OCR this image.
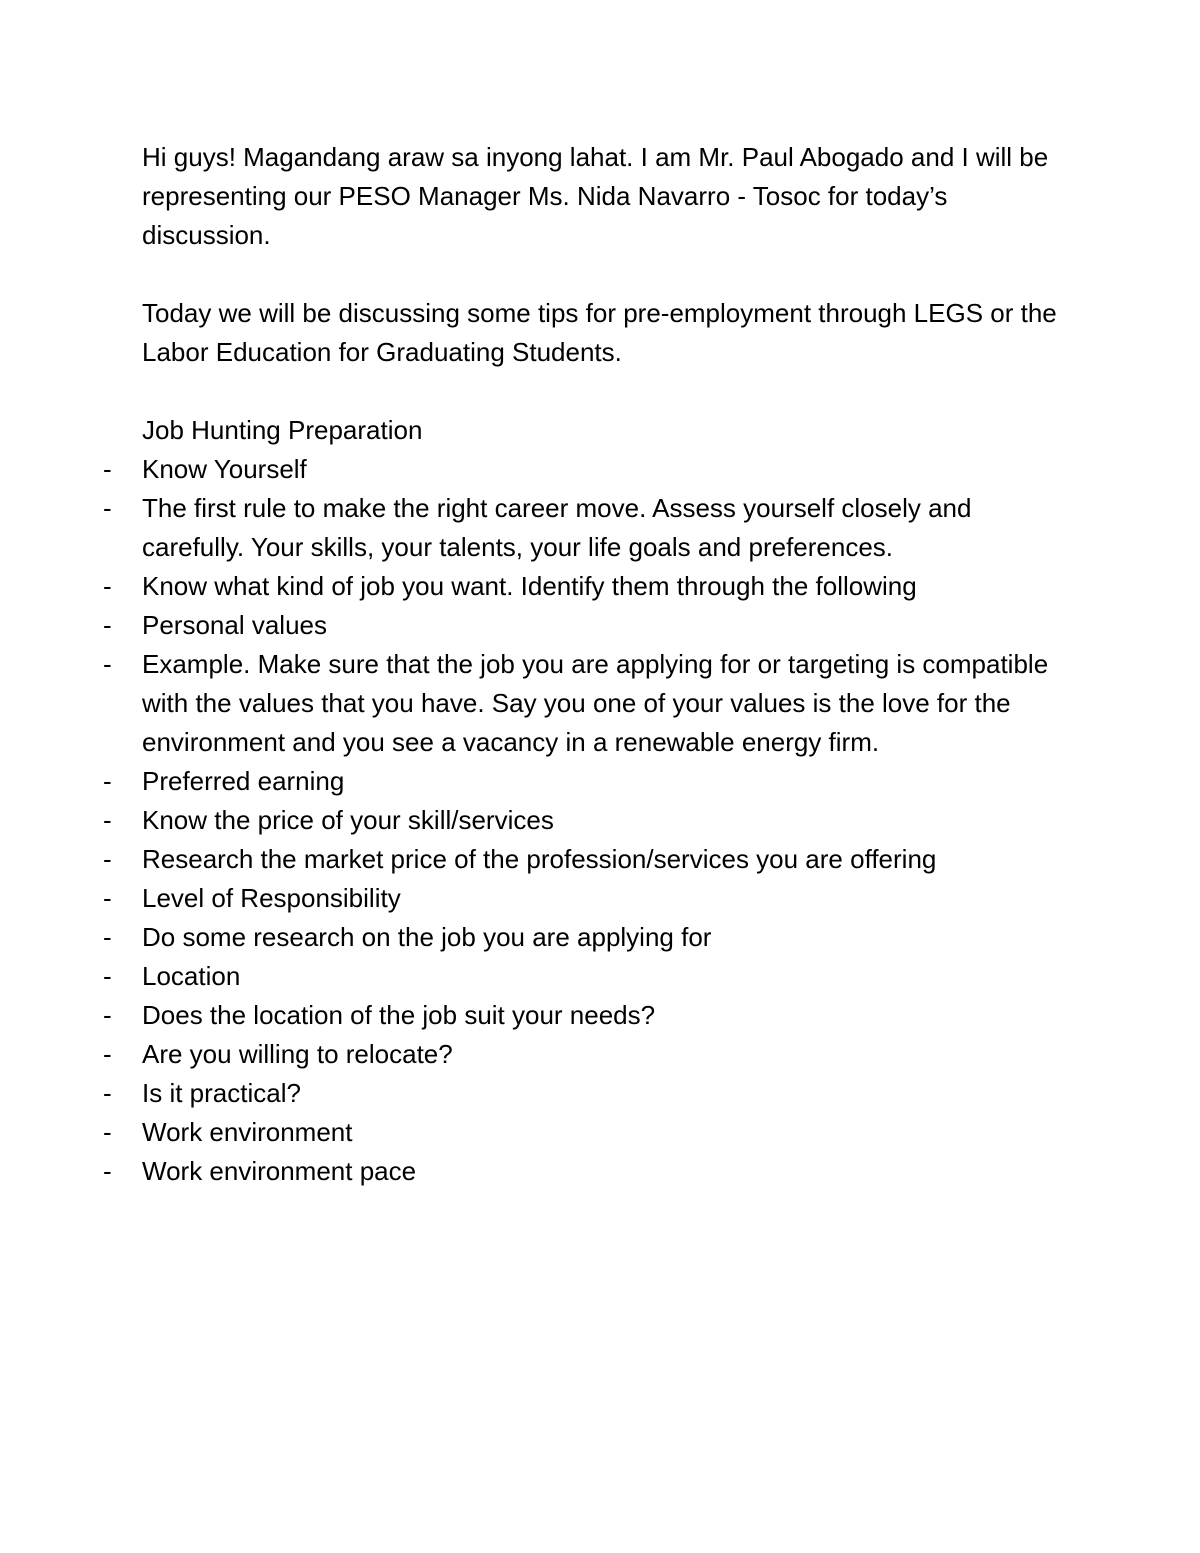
Hi guys! Magandang araw sa inyong lahat. I am Mr. Paul Abogado and I will be representing our PESO Manager Ms. Nida Navarro - Tosoc for today’s discussion.

Today we will be discussing some tips for pre-employment through LEGS or the Labor Education for Graduating Students.

Job Hunting Preparation

-	Know Yourself
-	The first rule to make the right career move. Assess yourself closely and carefully. Your skills, your talents, your life goals and preferences.
-	Know what kind of job you want. Identify them through the following
-	Personal values
-	Example. Make sure that the job you are applying for or targeting is compatible with the values that you have. Say you one of your values is the love for the environment and you see a vacancy in a renewable energy firm.
-	Preferred earning
-	Know the price of your skill/services
-	Research the market price of the profession/services you are offering
-	Level of Responsibility
-	Do some research on the job you are applying for
-	Location
-	Does the location of the job suit your needs?
-	Are you willing to relocate?
-	Is it practical?
-	Work environment
-	Work environment pace
